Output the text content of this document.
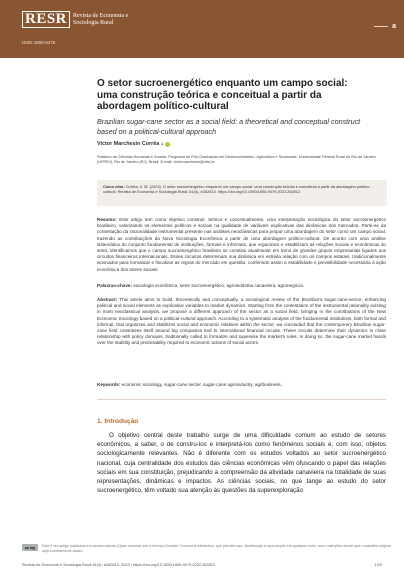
RESR	Revista de Economia e Sociologia Rural
ISSN 1806-9479
a
O setor sucroenergético enquanto um campo social: uma construção teórica e conceitual a partir da abordagem político-cultural

Brazilian sugar-cane sector as a social field: a theoretical and conceptual construct based on a political-cultural approach

Victor Marchesin Corrêa 1

¹Instituto de Ciências Humanas e Sociais, Programa de Pós-Graduação em Desenvolvimento, Agricultura e Sociedade, Universidade Federal Rural do Rio de Janeiro (UFRRJ), Rio de Janeiro (RJ), Brasil. E-mail: victormarchesin@ufrrj.br

Como citar: Corrêa, V. M. (2023). O setor sucroenergético enquanto um campo social: uma construção teórica e conceitual a partir da abordagem político-cultural. Revista de Economia e Sociologia Rural, 61(4), e262813. https://doi.org/10.1590/1806-9479.2022.262813

Resumo: Este artigo tem como objetivo construir, teórica e conceitualmente, uma interpretação sociológica do setor sucroenergético brasileiro, valorizando os elementos políticos e sociais na qualidade de variáveis explicativas das dinâmicas dos mercados. Parte-se da contestação da racionalidade instrumental presente nas análises neoclássicas para propor uma abordagem do setor como um campo social, trazendo as contribuições da Nova Sociologia Econômica a partir de uma abordagem político-cultural. De acordo com uma análise sistemática do conjunto fundamental de instituições, formais e informais, que organizam e estabilizam as relações sociais e econômicas do setor, identificamos que o campo sucroenergético brasileiro se constitui atualmente em torno de grandes grupos empresariais ligados aos circuitos financeiros internacionais. Esses circuitos determinam sua dinâmica em estreita relação com os campos estatais, tradicionalmente acionados para formalizar e fiscalizar as regras do mercado em questão, conferindo assim a estabilidade e previsibilidade necessária à ação econômica dos atores sociais.

Palavras-chave: sociologia econômica, setor sucroenergético, agroindústria canavieira, agronegócio.

Abstract: This article aims to build, theoretically and conceptually, a sociological review of the Brazilian's sugar-cane-sector, enhancing political and social elements as explicative variables to market dynamics. Starting from the contestation of the instrumental rationality existing in most neoclassical analysis, we propose a different approach of the sector as a social field, bringing in the contributions of the New Economic Sociology based on a political-cultural approach. According to a systematic analysis of the fundamental institutions, both formal and informal, that organizes and stabilizes social and economic relations within the sector, we concluded that the contemporary Brazilian sugar-cane field constitutes itself around big companies tied to international financial circuits. These circuits determine their dynamics in close relationship with policy domains, traditionally called to formalize and supervise the market's rules. In doing so, the sugar-cane market hands over the stability and predictability required to economic actions of social actors.

Keywords: economic sociology, sugar-cane sector, sugar-cane agroindustry, agribusiness.

1. Introdução

O objetivo central deste trabalho surge de uma dificuldade comum ao estudo de setores econômicos, a saber, o de constru-los e interpretá-los como fenômenos sociais e, com isso, objetos sociologicamente relevantes. Não é diferente com os estudos voltados ao setor sucroenergético nacional, cuja centralidade dos estudos das ciências econômicas vêm ofuscando o papel das relações sociais em sua constituição, prejudicando a compreensão da atividade canavieira na totalidade de suas representações, dinâmicas e impactos. As ciências sociais, no que tange ao estudo do setor sucroenergético, têm voltado sua atenção às questões da superexploração

cc by	Este é um artigo publicado em acesso aberto (Open Access) sob a licença Creative Commons Attribution, que permite uso, distribuição e reprodução em qualquer meio, sem restrições desde que o trabalho original seja corretamente citado.

Revista de Economia e Sociologia Rural 61(4): e262813, 2023 | https://doi.org/10.1590/1806-9479.2022.262813	1/20
